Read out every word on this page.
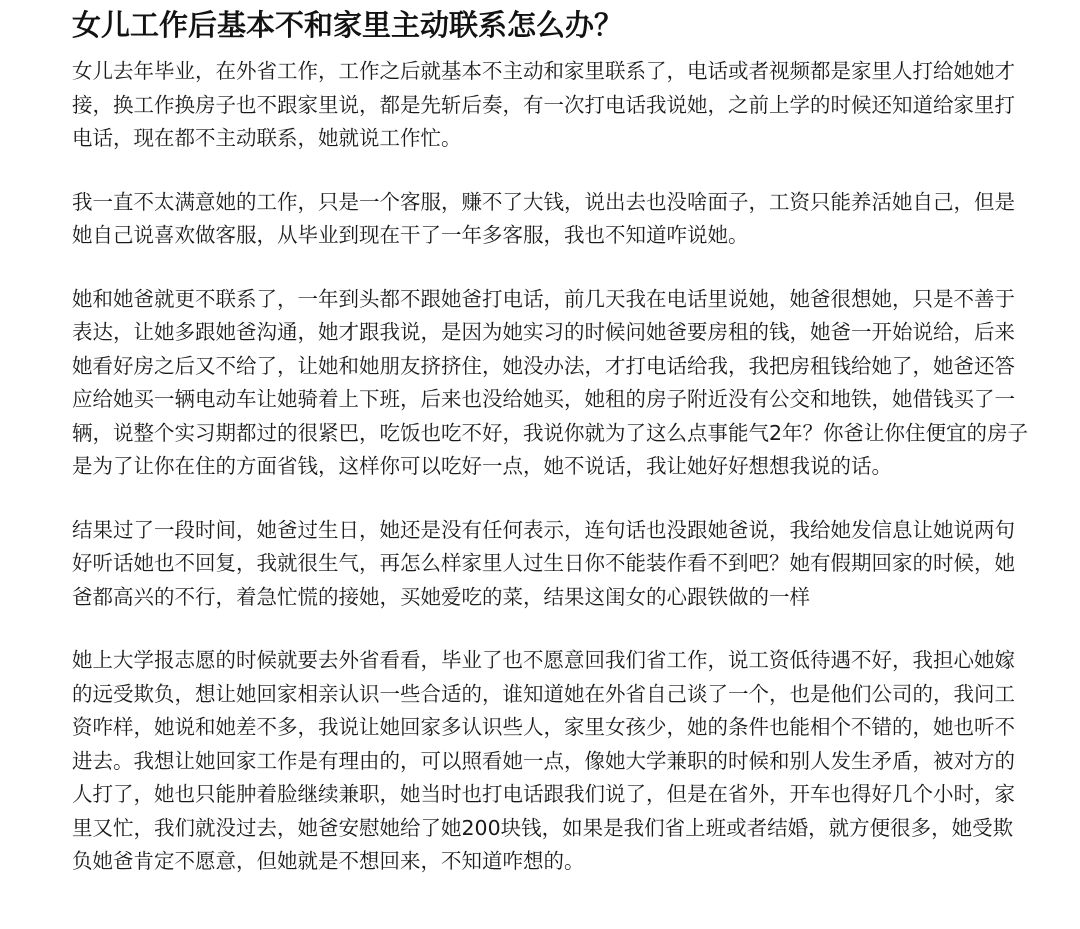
女儿工作后基本不和家里主动联系怎么办？

女儿去年毕业，在外省工作，工作之后就基本不主动和家里联系了，电话或者视频都是家里人打给她她才接，换工作换房子也不跟家里说，都是先斩后奏，有一次打电话我说她，之前上学的时候还知道给家里打电话，现在都不主动联系，她就说工作忙。

我一直不太满意她的工作，只是一个客服，赚不了大钱，说出去也没啥面子，工资只能养活她自己，但是她自己说喜欢做客服，从毕业到现在干了一年多客服，我也不知道咋说她。

她和她爸就更不联系了，一年到头都不跟她爸打电话，前几天我在电话里说她，她爸很想她，只是不善于表达，让她多跟她爸沟通，她才跟我说，是因为她实习的时候问她爸要房租的钱，她爸一开始说给，后来她看好房之后又不给了，让她和她朋友挤挤住，她没办法，才打电话给我，我把房租钱给她了，她爸还答应给她买一辆电动车让她骑着上下班，后来也没给她买，她租的房子附近没有公交和地铁，她借钱买了一辆，说整个实习期都过的很紧巴，吃饭也吃不好，我说你就为了这么点事能气2年？你爸让你住便宜的房子是为了让你在住的方面省钱，这样你可以吃好一点，她不说话，我让她好好想想我说的话。

结果过了一段时间，她爸过生日，她还是没有任何表示，连句话也没跟她爸说，我给她发信息让她说两句好听话她也不回复，我就很生气，再怎么样家里人过生日你不能装作看不到吧？她有假期回家的时候，她爸都高兴的不行，着急忙慌的接她，买她爱吃的菜，结果这闺女的心跟铁做的一样

她上大学报志愿的时候就要去外省看看，毕业了也不愿意回我们省工作，说工资低待遇不好，我担心她嫁的远受欺负，想让她回家相亲认识一些合适的，谁知道她在外省自己谈了一个，也是他们公司的，我问工资咋样，她说和她差不多，我说让她回家多认识些人，家里女孩少，她的条件也能相个不错的，她也听不进去。我想让她回家工作是有理由的，可以照看她一点，像她大学兼职的时候和别人发生矛盾，被对方的人打了，她也只能肿着脸继续兼职，她当时也打电话跟我们说了，但是在省外，开车也得好几个小时，家里又忙，我们就没过去，她爸安慰她给了她200块钱，如果是我们省上班或者结婚，就方便很多，她受欺负她爸肯定不愿意，但她就是不想回来，不知道咋想的。
